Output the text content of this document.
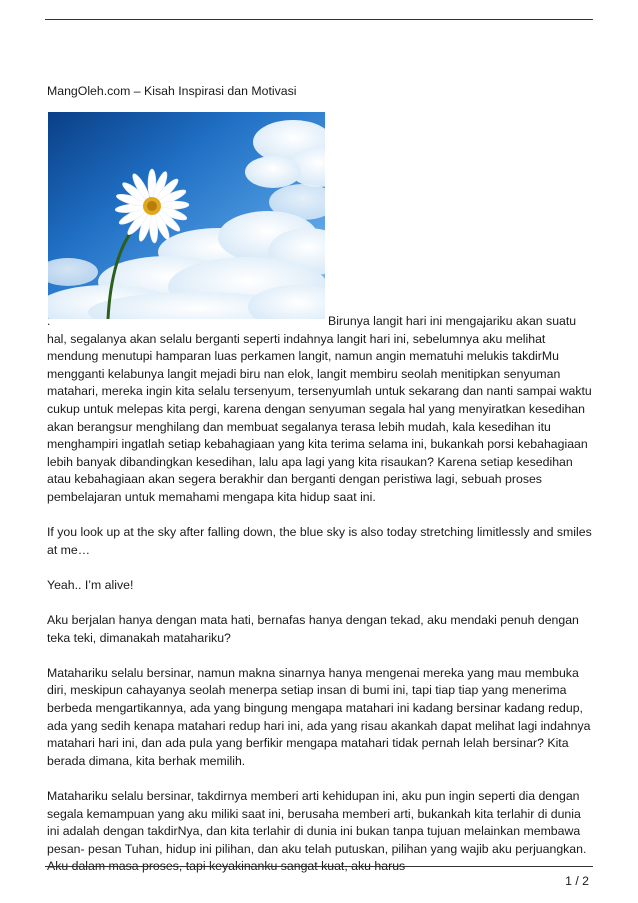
MangOleh.com – Kisah Inspirasi dan Motivasi

.	Birunya langit hari ini mengajariku akan suatu hal, segalanya akan selalu berganti seperti indahnya langit hari ini, sebelumnya aku melihat mendung menutupi hamparan luas perkamen langit, namun angin mematuhi melukis takdirMu mengganti kelabunya langit mejadi biru nan elok, langit membiru seolah menitipkan senyuman matahari, mereka ingin kita selalu tersenyum, tersenyumlah untuk sekarang dan nanti sampai waktu cukup untuk melepas kita pergi, karena dengan senyuman segala hal yang menyiratkan kesedihan akan berangsur menghilang dan membuat segalanya terasa lebih mudah, kala kesedihan itu menghampiri ingatlah setiap kebahagiaan yang kita terima selama ini, bukankah porsi kebahagiaan lebih banyak dibandingkan kesedihan, lalu apa lagi yang kita risaukan? Karena setiap kesedihan atau kebahagiaan akan segera berakhir dan berganti dengan peristiwa lagi, sebuah proses pembelajaran untuk memahami mengapa kita hidup saat ini.

If you look up at the sky after falling down, the blue sky is also today stretching limitlessly and smiles at me…

Yeah.. I’m alive!

Aku berjalan hanya dengan mata hati, bernafas hanya dengan tekad, aku mendaki penuh dengan teka teki, dimanakah matahariku?

Matahariku selalu bersinar, namun makna sinarnya hanya mengenai mereka yang mau membuka diri, meskipun cahayanya seolah menerpa setiap insan di bumi ini, tapi tiap tiap yang menerima berbeda mengartikannya, ada yang bingung mengapa matahari ini kadang bersinar kadang redup, ada yang sedih kenapa matahari redup hari ini, ada yang risau akankah dapat melihat lagi indahnya matahari hari ini, dan ada pula yang berfikir mengapa matahari tidak pernah lelah bersinar? Kita berada dimana, kita berhak memilih.

Matahariku selalu bersinar, takdirnya memberi arti kehidupan ini, aku pun ingin seperti dia dengan segala kemampuan yang aku miliki saat ini, berusaha memberi arti, bukankah kita terlahir di dunia ini adalah dengan takdirNya, dan kita terlahir di dunia ini bukan tanpa tujuan melainkan membawa pesan- pesan Tuhan, hidup ini pilihan, dan aku telah putuskan, pilihan yang wajib aku perjuangkan. Aku dalam masa proses, tapi keyakinanku sangat kuat, aku harus

1 / 2
